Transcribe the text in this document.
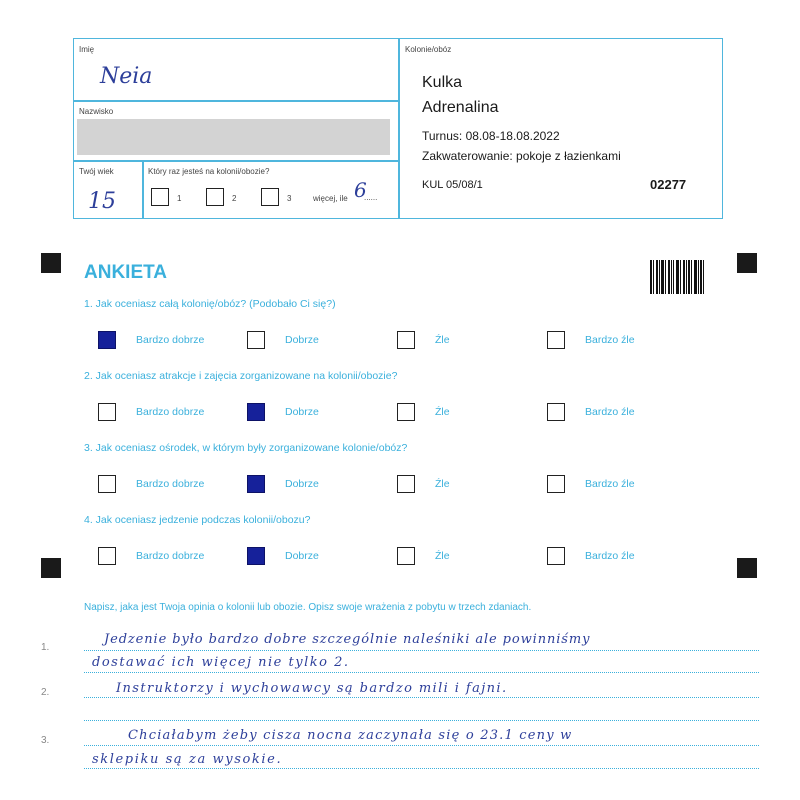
Imię
Neia
Nazwisko
Twój wiek
15
Który raz jesteś na kolonii/obozie?
1	2	3	więcej, ile 6
......
Kolonie/obóz
Kulka
Adrenalina
Turnus: 08.08-18.08.2022
Zakwaterowanie: pokoje z łazienkami
KUL 05/08/1	02277
ANKIETA
1. Jak oceniasz całą kolonię/obóz? (Podobało Ci się?)
Bardzo dobrze	Dobrze	Źle	Bardzo źle
2. Jak oceniasz atrakcje i zajęcia zorganizowane na kolonii/obozie?
Bardzo dobrze	Dobrze	Źle	Bardzo źle
3. Jak oceniasz ośrodek, w którym były zorganizowane kolonie/obóz?
Bardzo dobrze	Dobrze	Źle	Bardzo źle
4. Jak oceniasz jedzenie podczas kolonii/obozu?
Bardzo dobrze	Dobrze	Źle	Bardzo źle
Napisz, jaka jest Twoja opinia o kolonii lub obozie. Opisz swoje wrażenia z pobytu w trzech zdaniach.
1.
2.
3.
Jedzenie było bardzo dobre szczególnie naleśniki ale powinniśmy
dostawać ich więcej nie tylko 2.
Instruktorzy i wychowawcy są bardzo mili i fajni.
Chciałabym żeby cisza nocna zaczynała się o 23.1 ceny w
sklepiku są za wysokie.
